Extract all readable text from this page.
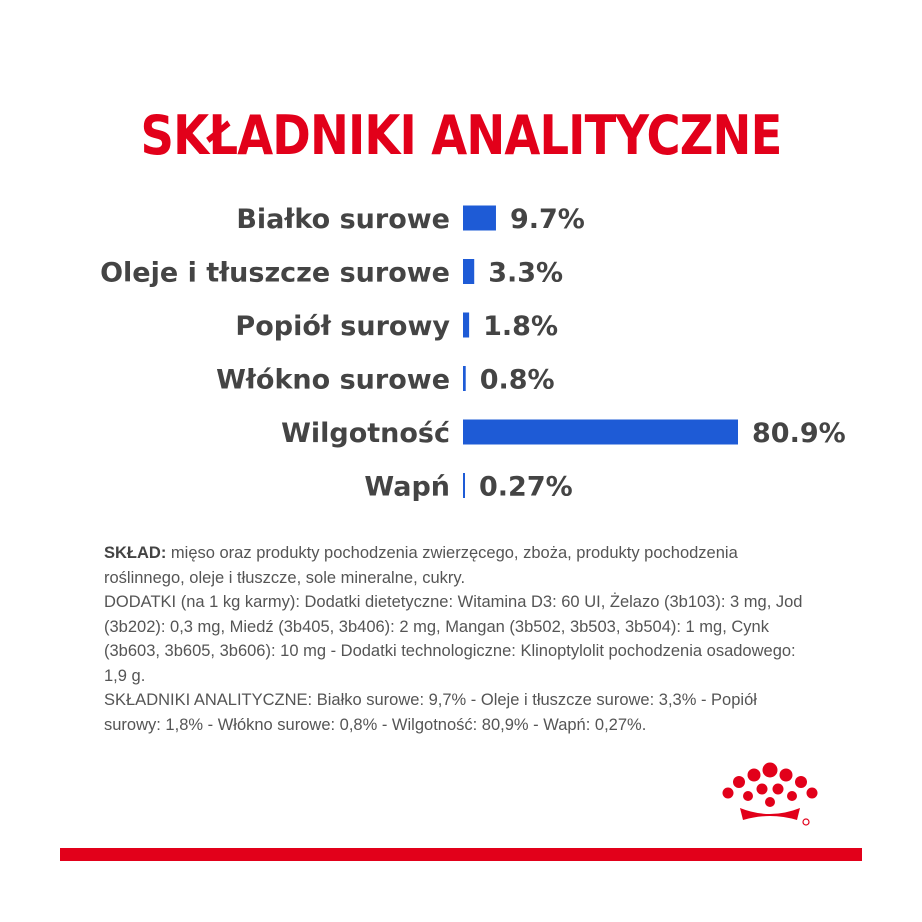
SKŁADNIKI ANALITYCZNE
Białko surowe 9.7%
Oleje i tłuszcze surowe 3.3%
Popiół surowy 1.8%
Włókno surowe 0.8%
Wilgotność	80.9%
Wapń 0.27%

SKŁAD: mięso oraz produkty pochodzenia zwierzęcego, zboża, produkty pochodzenia roślinnego, oleje i tłuszcze, sole mineralne, cukry.

DODATKI (na 1 kg karmy): Dodatki dietetyczne: Witamina D3: 60 UI, Żelazo (3b103): 3 mg, Jod (3b202): 0,3 mg, Miedź (3b405, 3b406): 2 mg, Mangan (3b502, 3b503, 3b504): 1 mg, Cynk (3b603, 3b605, 3b606): 10 mg - Dodatki technologiczne: Klinoptylolit pochodzenia osadowego: 1,9 g.

SKŁADNIKI ANALITYCZNE: Białko surowe: 9,7% - Oleje i tłuszcze surowe: 3,3% - Popiół surowy: 1,8% - Włókno surowe: 0,8% - Wilgotność: 80,9% - Wapń: 0,27%.
